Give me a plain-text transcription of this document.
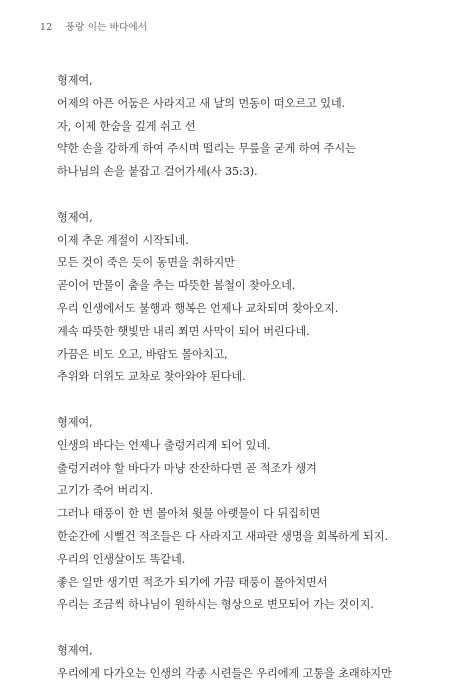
12 풍랑 이는 바다에서
형제여,
어제의 아픈 어둠은 사라지고 새 날의 먼동이 떠오르고 있네.
자, 이제 한숨을 깊게 쉬고 선
약한 손을 강하게 하여 주시며 떨리는 무릎을 굳게 하여 주시는
하나님의 손을 붙잡고 걸어가세(사 35:3).
형제여,
이제 추운 계절이 시작되네.
모든 것이 죽은 듯이 동면을 취하지만
곧이어 만물이 춤을 추는 따뜻한 봄철이 찾아오네.
우리 인생에서도 불행과 행복은 언제나 교차되며 찾아오지.
계속 따뜻한 햇빛만 내리 쬐면 사막이 되어 버린다네.
가끔은 비도 오고, 바람도 몰아치고,
추위와 더위도 교차로 찾아와야 된다네.
형제여,
인생의 바다는 언제나 출렁거리게 되어 있네.
출렁거려야 할 바다가 마냥 잔잔하다면 곧 적조가 생겨
고기가 죽어 버리지.
그러나 태풍이 한 번 몰아쳐 윗물 아랫물이 다 뒤집히면
한순간에 시뻘건 적조들은 다 사라지고 새파란 생명을 회복하게 되지.
우리의 인생살이도 똑같네.
좋은 일만 생기면 적조가 되기에 가끔 태풍이 몰아치면서
우리는 조금씩 하나님이 원하시는 형상으로 변모되어 가는 것이지.
형제여,
우리에게 다가오는 인생의 각종 시련들은 우리에게 고통을 초래하지만
